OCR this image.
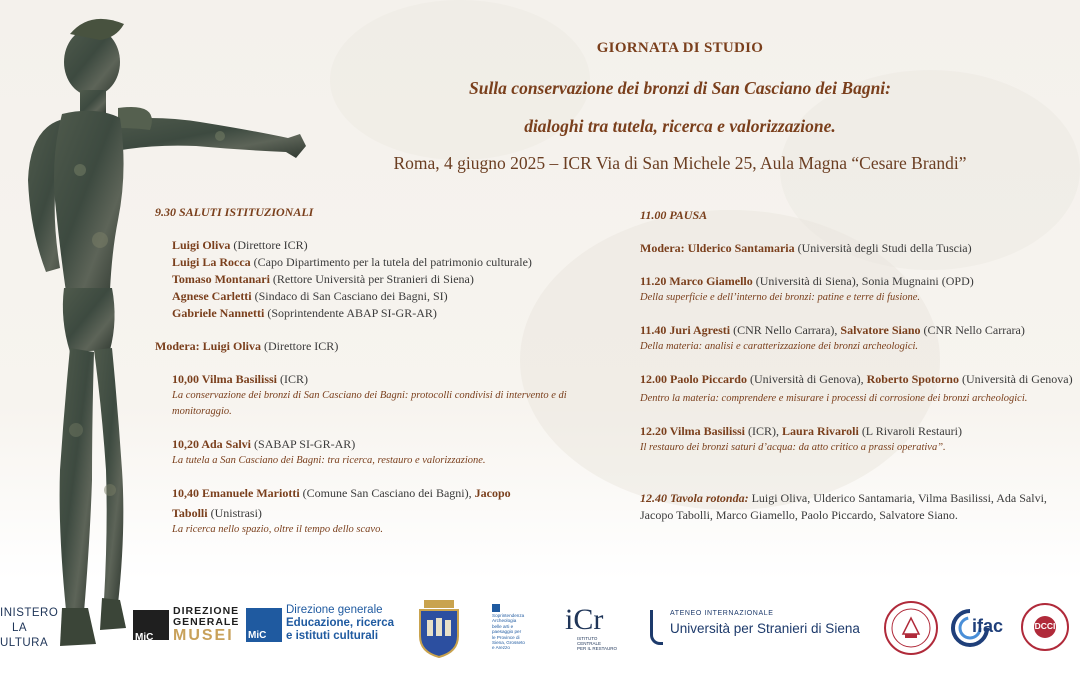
GIORNATA DI STUDIO

Sulla conservazione dei bronzi di San Casciano dei Bagni:

dialoghi tra tutela, ricerca e valorizzazione.

Roma, 4 giugno 2025 – ICR Via di San Michele 25, Aula Magna “Cesare Brandi”

9.30 SALUTI ISTITUZIONALI
Luigi Oliva (Direttore ICR)
Luigi La Rocca (Capo Dipartimento per la tutela del patrimonio culturale)
Tomaso Montanari (Rettore Università per Stranieri di Siena)
Agnese Carletti (Sindaco di San Casciano dei Bagni, SI)
Gabriele Nannetti (Soprintendente ABAP SI-GR-AR)
Modera: Luigi Oliva (Direttore ICR)
10,00 Vilma Basilissi (ICR)
La conservazione dei bronzi di San Casciano dei Bagni: protocolli condivisi di intervento e di monitoraggio.
10,20 Ada Salvi (SABAP SI-GR-AR)
La tutela a San Casciano dei Bagni: tra ricerca, restauro e valorizzazione.
10,40 Emanuele Mariotti (Comune San Casciano dei Bagni), Jacopo
Tabolli (Unistrasi)
La ricerca nello spazio, oltre il tempo dello scavo.
11.00 PAUSA
Modera: Ulderico Santamaria (Università degli Studi della Tuscia)
11.20 Marco Giamello (Università di Siena), Sonia Mugnaini (OPD)
Della superficie e dell’interno dei bronzi: patine e terre di fusione.
11.40 Juri Agresti (CNR Nello Carrara), Salvatore Siano (CNR Nello Carrara)
Della materia: analisi e caratterizzazione dei bronzi archeologici.
12.00 Paolo Piccardo (Università di Genova), Roberto Spotorno (Università di Genova)
Dentro la materia: comprendere e misurare i processi di corrosione dei bronzi archeologici.
12.20 Vilma Basilissi (ICR), Laura Rivaroli (L Rivaroli Restauri)
Il restauro dei bronzi saturi d’acqua: da atto critico a prassi operativa”.
12.40 Tavola rotonda: Luigi Oliva, Ulderico Santamaria, Vilma Basilissi, Ada Salvi, Jacopo Tabolli, Marco Giamello, Paolo Piccardo, Salvatore Siano.
INISTERO
LA
ULTURA	MiC
DIREZIONE
GENERALE
MUSEI	MiC
Direzione generale
Educazione, ricerca
e istituti culturali
Soprintendenza
Archeologia
belle arti e
paesaggio per
le Province di
Siena, Grosseto
e Arezzo
iCr
ISTITUTO
CENTRALE
PER IL RESTAURO
ATENEO INTERNAZIONALE
Università per Stranieri di Siena	ifac	DCCI
